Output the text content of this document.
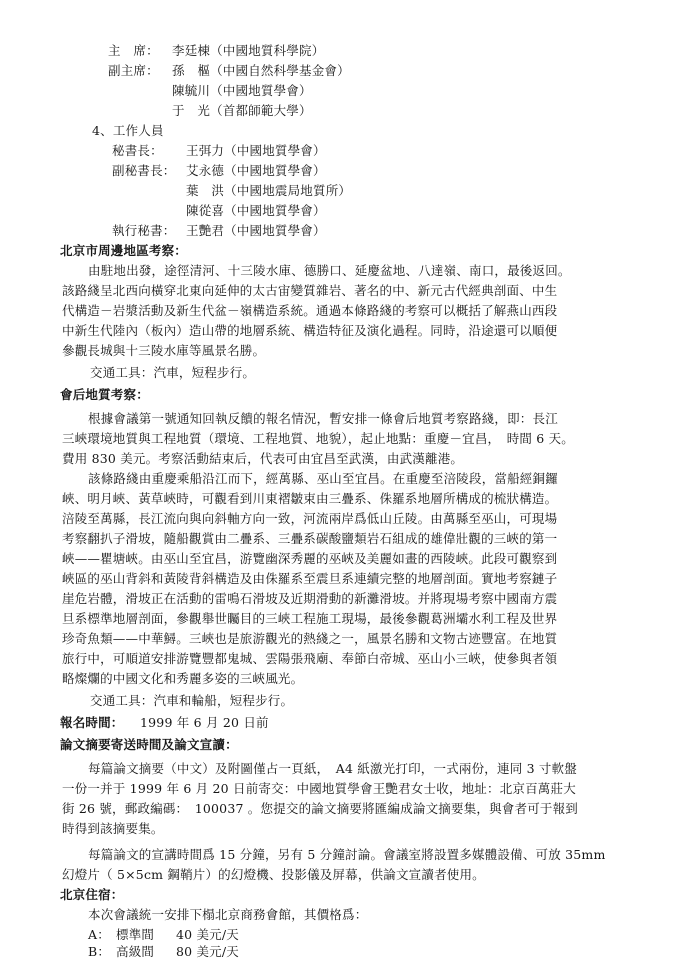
主　席： 李廷棟（中國地質科學院）
副主席： 孫　樞（中國自然科學基金會）
陳毓川（中國地質學會）
于　光（首都師範大學）
4、工作人員
秘書長： 王弭力（中國地質學會）
副秘書長： 艾永德（中國地質學會）
葉　洪（中國地震局地質所）
陳從喜（中國地質學會）
執行秘書： 王艷君（中國地質學會）
北京市周邊地區考察：
由駐地出發，途徑清河、十三陵水庫、德勝口、延慶盆地、八達嶺、南口，最後返回。
該路綫呈北西向橫穿北東向延伸的太古宙變質雜岩、著名的中、新元古代經典剖面、中生
代構造－岩漿活動及新生代盆－嶺構造系統。通過本條路綫的考察可以概括了解燕山西段
中新生代陸內（板內）造山帶的地層系統、構造特征及演化過程。同時，沿途還可以順便
參觀長城與十三陵水庫等風景名勝。
交通工具：汽車，短程步行。
會后地質考察：
根據會議第一號通知回執反饋的報名情況，暫安排一條會后地質考察路綫，即：長江
三峽環境地質與工程地質（環境、工程地質、地貌），起止地點：重慶－宜昌，　時間 6 天。
費用 830 美元。考察活動結束后，代表可由宜昌至武漢，由武漢離港。
該條路綫由重慶乘船沿江而下，經萬縣、巫山至宜昌。在重慶至涪陵段，當船經銅鑼
峽、明月峽、黃草峽時，可觀看到川東褶皺束由三疊系、侏羅系地層所構成的梳狀構造。
涪陵至萬縣，長江流向與向斜軸方向一致，河流兩岸爲低山丘陵。由萬縣至巫山，可現場
考察翻扒子滑坡，隨船觀賞由二疊系、三疊系碳酸鹽類岩石組成的雄偉壯觀的三峽的第一
峽——瞿塘峽。由巫山至宜昌，游覽幽深秀麗的巫峽及美麗如畫的西陵峽。此段可觀察到
峽區的巫山背斜和黃陵背斜構造及由侏羅系至震旦系連續完整的地層剖面。實地考察鏈子
崖危岩體，滑坡正在活動的雷鳴石滑坡及近期滑動的新灘滑坡。并將現場考察中國南方震
旦系標準地層剖面，參觀舉世矚目的三峽工程施工現場，最後參觀葛洲壩水利工程及世界
珍奇魚類——中華鱘。三峽也是旅游觀光的熱綫之一，風景名勝和文物古迹豐富。在地質
旅行中，可順道安排游覽豐都鬼城、雲陽張飛廟、奉節白帝城、巫山小三峽，使參與者領
略燦爛的中國文化和秀麗多姿的三峽風光。
交通工具：汽車和輪船，短程步行。
報名時間： 1999 年 6 月 20 日前
論文摘要寄送時間及論文宣讀：
每篇論文摘要（中文）及附圖僅占一頁紙，　A4 紙激光打印，一式兩份，連同 3 寸軟盤
一份一并于 1999 年 6 月 20 日前寄交：中國地質學會王艷君女士收，地址：北京百萬莊大
街 26 號，郵政編碼：　100037 。您提交的論文摘要將匯編成論文摘要集，與會者可于報到
時得到該摘要集。
每篇論文的宣講時間爲 15 分鐘，另有 5 分鐘討論。會議室將設置多媒體設備、可放 35mm
幻燈片（ 5×5cm 鋼鞘片）的幻燈機、投影儀及屏幕，供論文宣讀者使用。
北京住宿：
本次會議統一安排下榻北京商務會館，其價格爲：
A： 標準間 40 美元/天
B： 高級間 80 美元/天
